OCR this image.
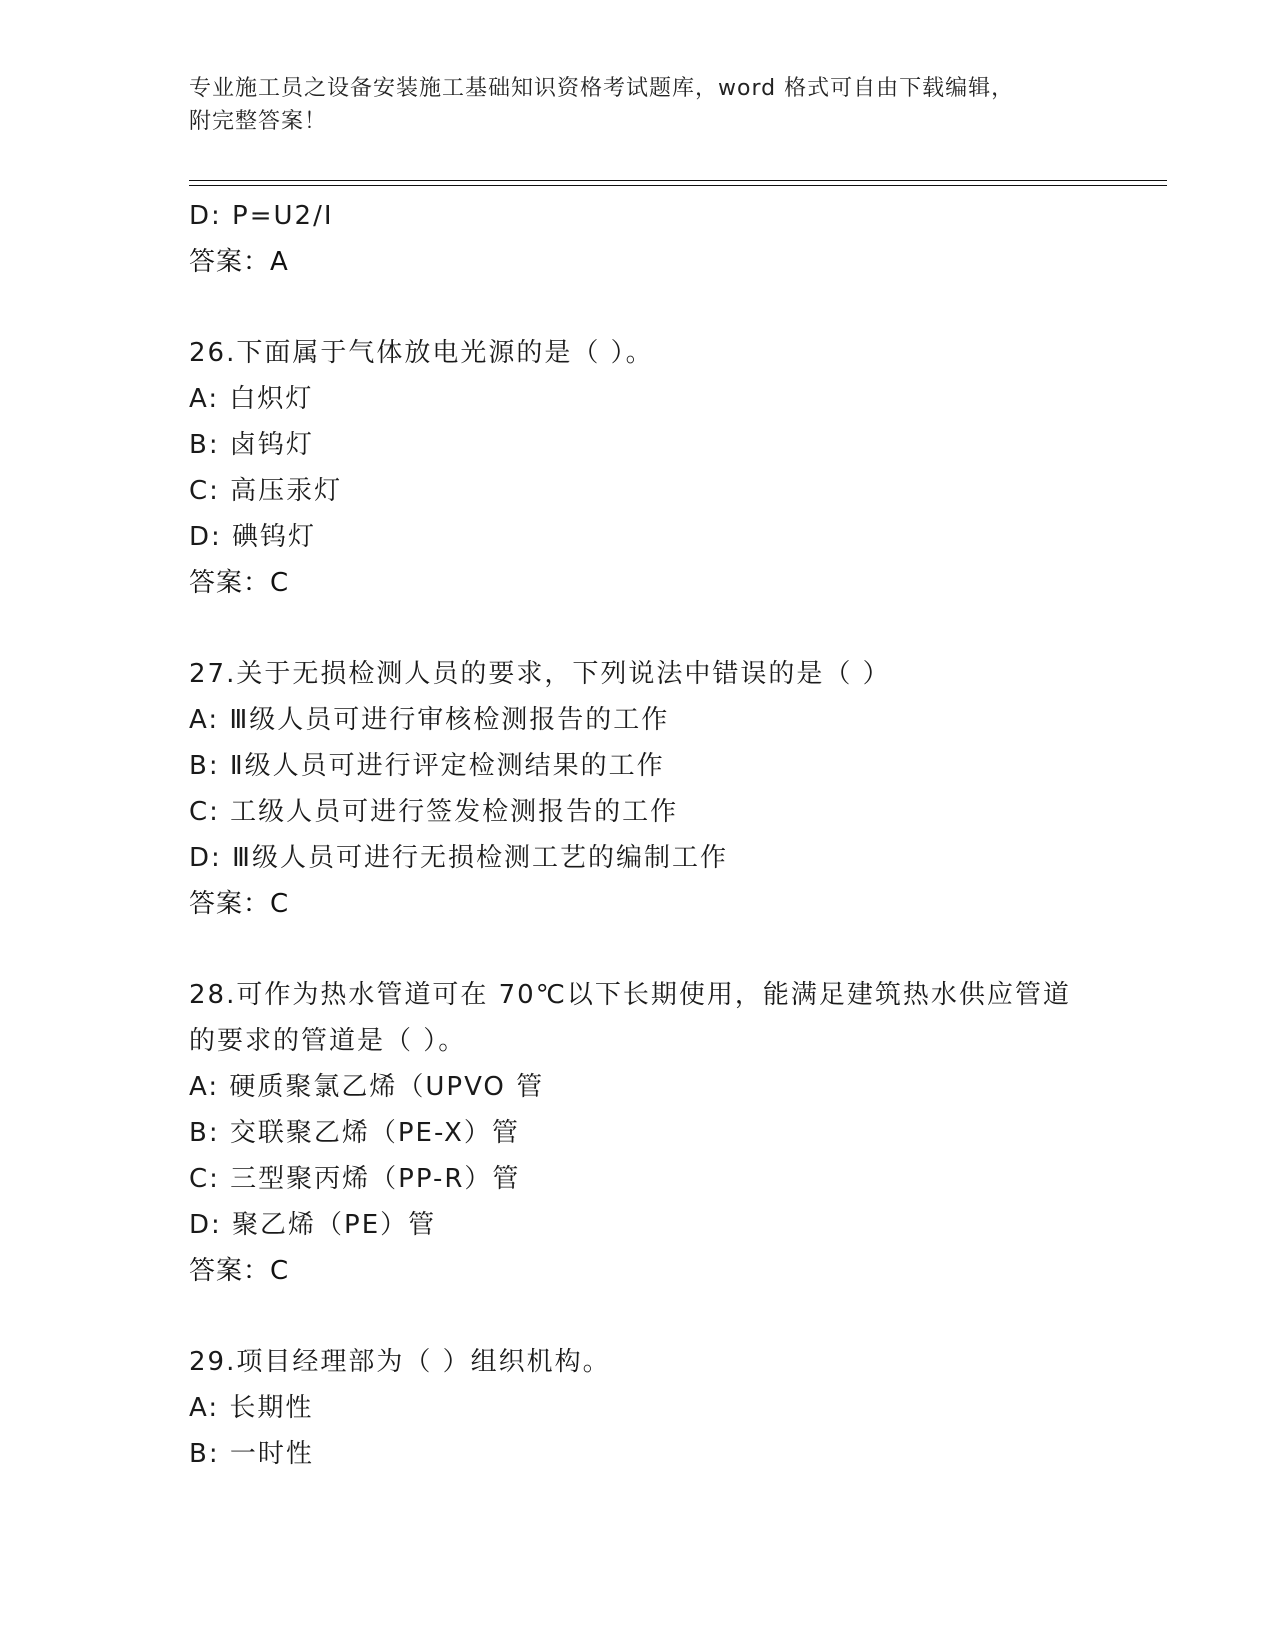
专业施工员之设备安装施工基础知识资格考试题库，word 格式可自由下载编辑，
附完整答案！
D: P=U2/I
答案：A
26.下面属于气体放电光源的是（ ）。
A: 白炽灯
B: 卤钨灯
C: 高压汞灯
D: 碘钨灯
答案：C
27.关于无损检测人员的要求，下列说法中错误的是（ ）
A: Ⅲ级人员可进行审核检测报告的工作
B: Ⅱ级人员可进行评定检测结果的工作
C: 工级人员可进行签发检测报告的工作
D: Ⅲ级人员可进行无损检测工艺的编制工作
答案：C
28.可作为热水管道可在 70℃以下长期使用，能满足建筑热水供应管道
的要求的管道是（ ）。
A: 硬质聚氯乙烯（UPVO 管
B: 交联聚乙烯（PE-X）管
C: 三型聚丙烯（PP-R）管
D: 聚乙烯（PE）管
答案：C
29.项目经理部为（ ）组织机构。
A: 长期性
B: 一时性
